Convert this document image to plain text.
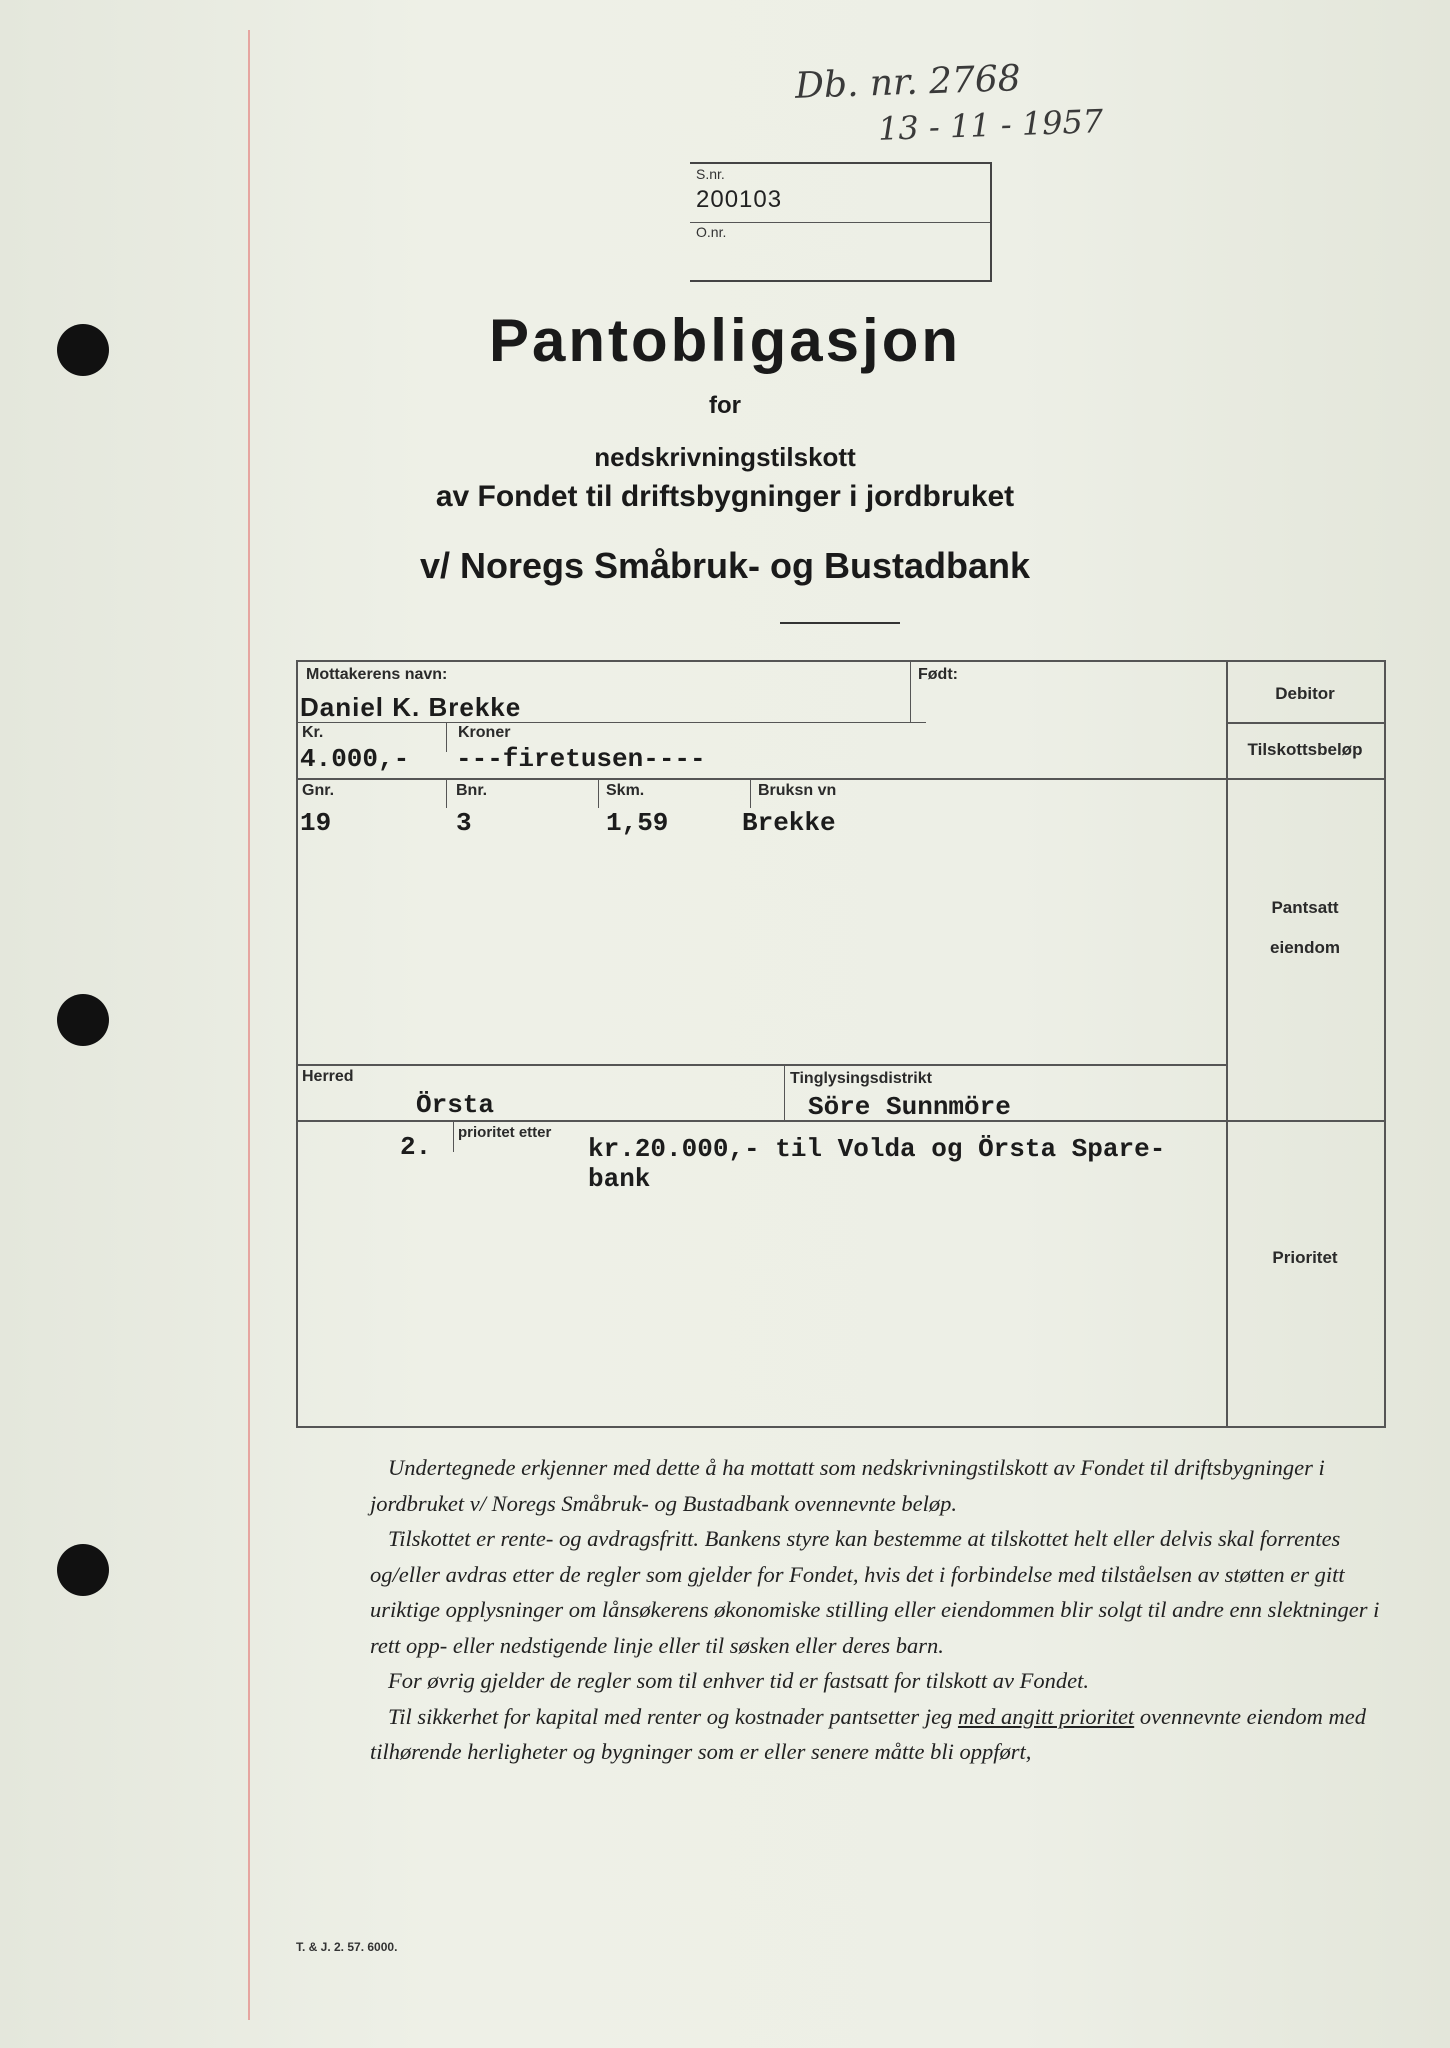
Db. nr. 2768
13 - 11 - 1957
S.nr.
200103
O.nr.
Pantobligasjon
for
nedskrivningstilskott
av Fondet til driftsbygninger i jordbruket
v/ Noregs Småbruk- og Bustadbank
Mottakerens navn:
Daniel K. Brekke
Født:
Kr.
4.000,-
Kroner
---firetusen----
Gnr.
19
Bnr.
3
Skm.
1,59
Bruksn vn
Brekke
Herred
Örsta
Tinglysingsdistrikt
Söre Sunnmöre
2. prioritet etter
kr.20.000,- til Volda og Örsta Spare-
bank
Debitor
Tilskottsbeløp
Pantsatt
eiendom
Prioritet

Undertegnede erkjenner med dette å ha mottatt som nedskrivningstilskott av Fondet til driftsbygninger i jordbruket v/ Noregs Småbruk- og Bustadbank ovennevnte beløp.

Tilskottet er rente- og avdragsfritt. Bankens styre kan bestemme at tilskottet helt eller delvis skal forrentes og/eller avdras etter de regler som gjelder for Fondet, hvis det i forbindelse med tilståelsen av støtten er gitt uriktige opplysninger om lånsøkerens økonomiske stilling eller eiendommen blir solgt til andre enn slektninger i rett opp- eller nedstigende linje eller til søsken eller deres barn.

For øvrig gjelder de regler som til enhver tid er fastsatt for tilskott av Fondet.

Til sikkerhet for kapital med renter og kostnader pantsetter jeg med angitt prioritet ovennevnte eiendom med tilhørende herligheter og bygninger som er eller senere måtte bli oppført,

T. & J. 2. 57. 6000.
